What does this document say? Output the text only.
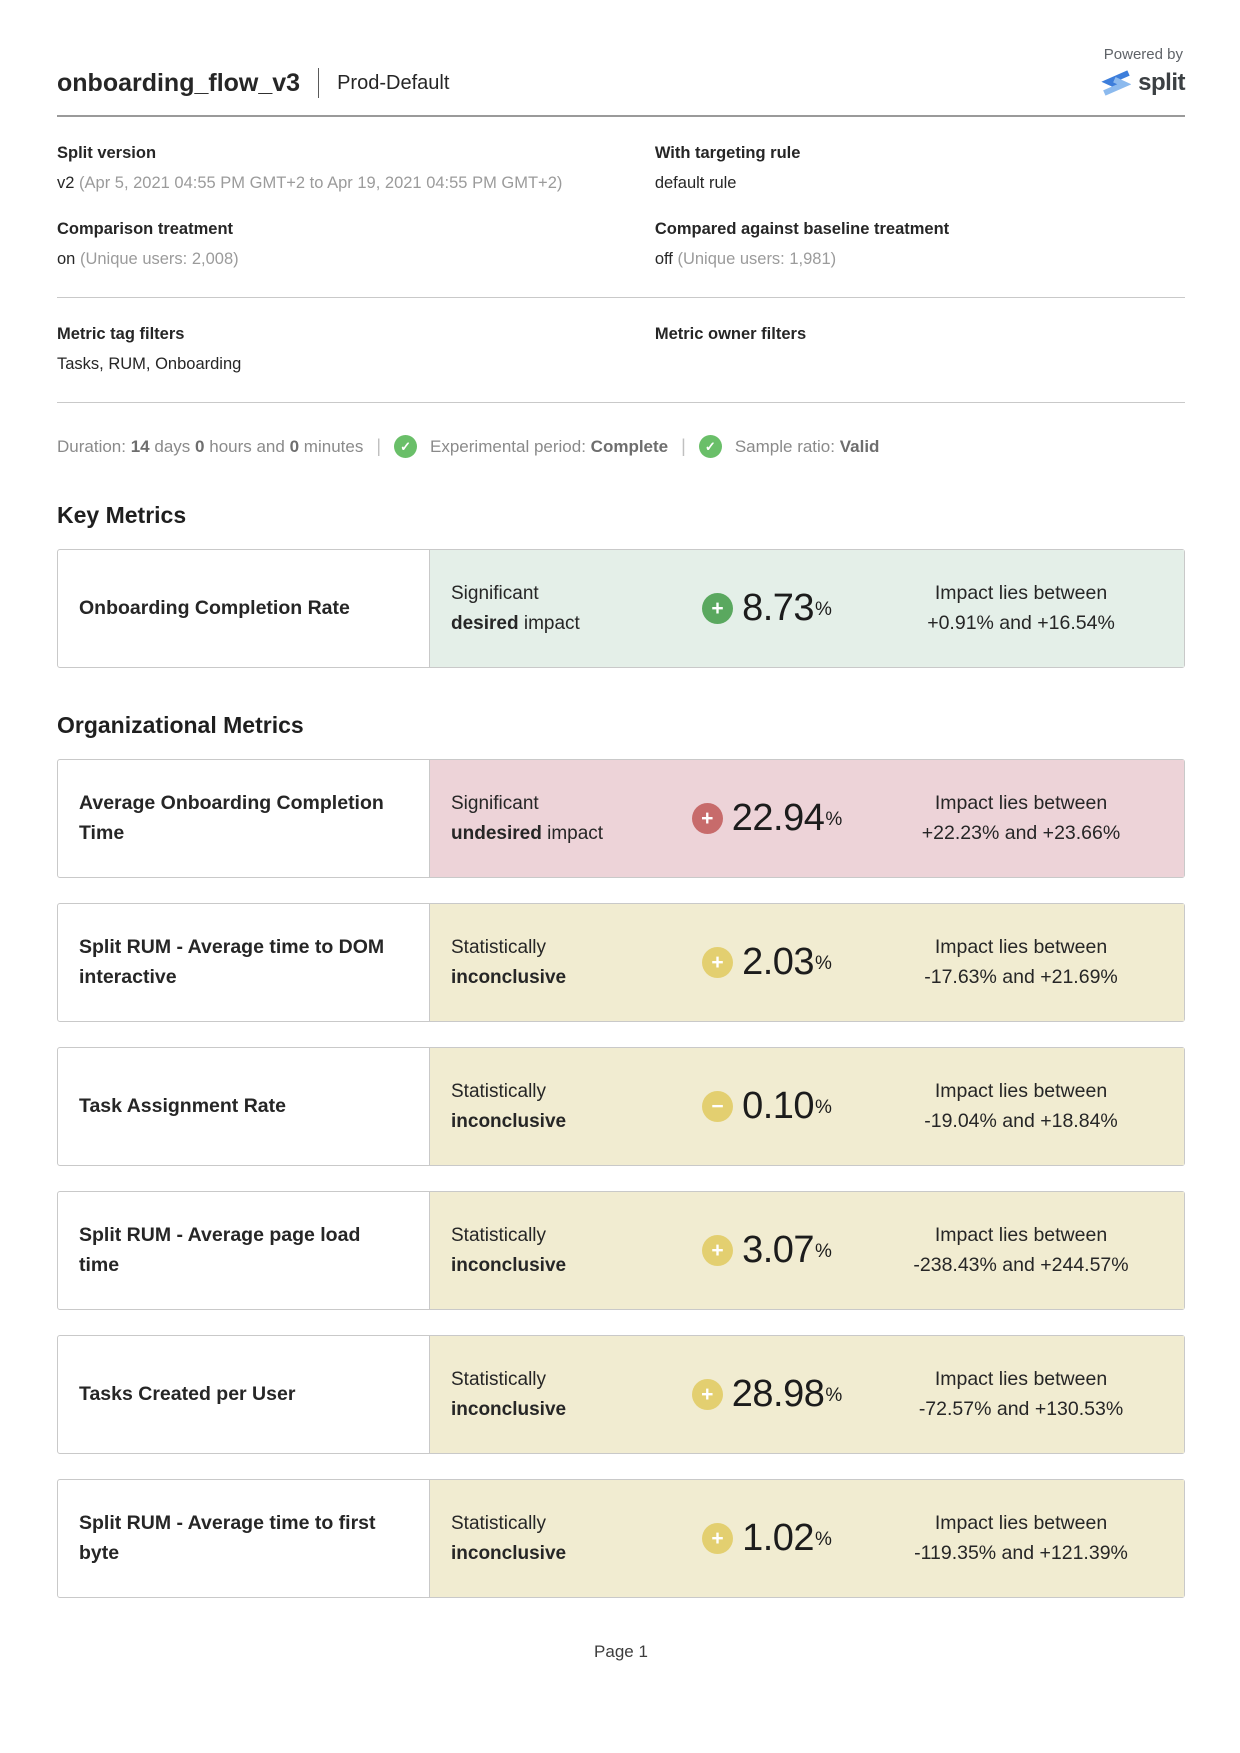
Powered by
onboarding_flow_v3 Prod-Default	split
Split version
v2 (Apr 5, 2021 04:55 PM GMT+2 to Apr 19, 2021 04:55 PM GMT+2)
With targeting rule
default rule
Comparison treatment
on (Unique users: 2,008)
Compared against baseline treatment
off (Unique users: 1,981)
Metric tag filters
Tasks, RUM, Onboarding
Metric owner filters
Duration: 14 days 0 hours and 0 minutes |	✓	Experimental period: Complete |	✓	Sample ratio: Valid
Key Metrics
Onboarding Completion Rate
Significant
desired impact
+ 8.73 %
Impact lies between
+0.91% and +16.54%
Organizational Metrics
Average Onboarding Completion Time
Significant
undesired impact
+ 22.94 %
Impact lies between
+22.23% and +23.66%
Split RUM - Average time to DOM interactive
Statistically
inconclusive
+ 2.03 %
Impact lies between
-17.63% and +21.69%
Task Assignment Rate
Statistically
inconclusive
− 0.10 %
Impact lies between
-19.04% and +18.84%
Split RUM - Average page load time
Statistically
inconclusive
+ 3.07 %
Impact lies between
-238.43% and +244.57%
Tasks Created per User
Statistically
inconclusive
+ 28.98 %
Impact lies between
-72.57% and +130.53%
Split RUM - Average time to first byte
Statistically
inconclusive
+ 1.02 %
Impact lies between
-119.35% and +121.39%
Page 1
